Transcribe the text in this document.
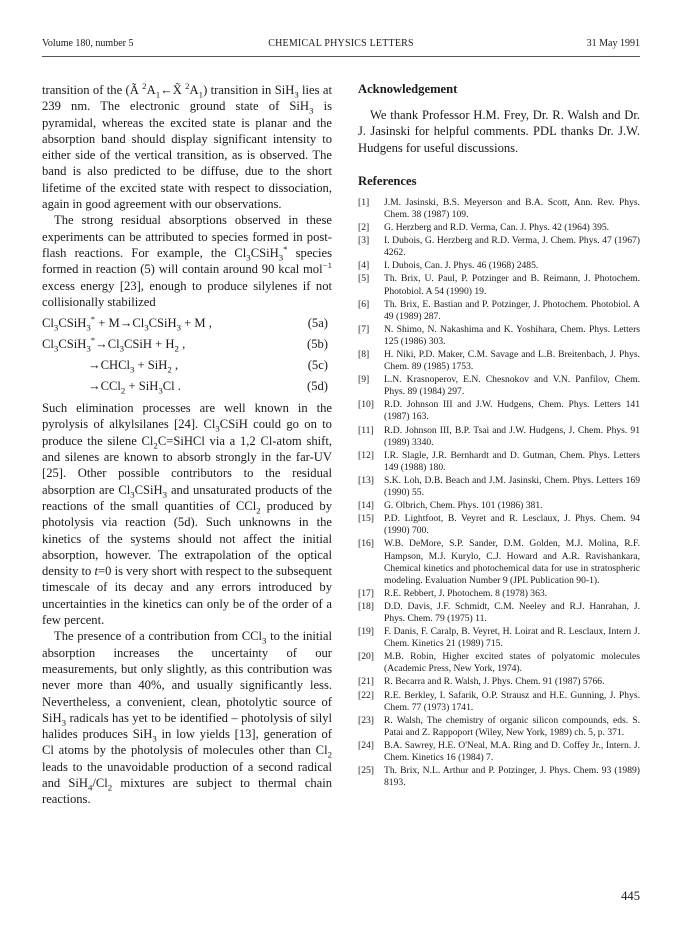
Volume 180, number 5	CHEMICAL PHYSICS LETTERS	31 May 1991

transition of the (Ã $^2A_1\leftarrow X̃$ $^2A_1$) transition in SiH$_3$ lies at 239 nm. The electronic ground state of SiH$_3$ is pyramidal, whereas the excited state is planar and the absorption band should display significant intensity to either side of the vertical transition, as is observed. The band is also predicted to be diffuse, due to the short lifetime of the excited state with respect to dissociation, again in good agreement with our observations.

The strong residual absorptions observed in these experiments can be attributed to species formed in post-flash reactions. For example, the $Cl_3CSiH_3^*$ species formed in reaction (5) will contain around 90 kcal mol$^{-1}$ excess energy [23], enough to produce silylenes if not collisionally stabilized

$Cl_3CSiH_3^*$ + $M\to Cl_3CSiH_3 + M$ ,	(5a)
$Cl_3CSiH_3^*\to Cl_3CSiH + H_2$ ,	(5b)
→CHCl$_3$ + SiH$_2$ ,	(5c)
→CCl$_2$ + SiH$_3$Cl .	(5d)

Such elimination processes are well known in the pyrolysis of alkylsilanes [24]. $Cl_3CSiH$ could go on to produce the silene $Cl_2C=SiHCl$ via a 1,2 Cl-atom shift, and silenes are known to absorb strongly in the far-UV [25]. Other possible contributors to the residual absorption are $Cl_3CSiH_3$ and unsaturated products of the reactions of the small quantities of CCl$_2$ produced by photolysis via reaction (5d). Such unknowns in the kinetics of the systems should not affect the initial absorption, however. The extrapolation of the optical density to t=0 is very short with respect to the subsequent timescale of its decay and any errors introduced by uncertainties in the kinetics can only be of the order of a few percent.

The presence of a contribution from CCl$_3$ to the initial absorption increases the uncertainty of our measurements, but only slightly, as this contribution was never more than 40%, and usually significantly less. Nevertheless, a convenient, clean, photolytic source of SiH$_3$ radicals has yet to be identified – photolysis of silyl halides produces SiH$_3$ in low yields [13], generation of Cl atoms by the photolysis of molecules other than $Cl_2$ leads to the unavoidable production of a second radical and $SiH_4/Cl_2$ mixtures are subject to thermal chain reactions.

Acknowledgement

We thank Professor H.M. Frey, Dr. R. Walsh and Dr. J. Jasinski for helpful comments. PDL thanks Dr. J.W. Hudgens for useful discussions.

References
[1] J.M. Jasinski, B.S. Meyerson and B.A. Scott, Ann. Rev. Phys. Chem. 38 (1987) 109.
[2] G. Herzberg and R.D. Verma, Can. J. Phys. 42 (1964) 395.
[3] I. Dubois, G. Herzberg and R.D. Verma, J. Chem. Phys. 47 (1967) 4262.
[4] I. Dubois, Can. J. Phys. 46 (1968) 2485.
[5] Th. Brix, U. Paul, P. Potzinger and B. Reimann, J. Photochem. Photobiol. A 54 (1990) 19.
[6] Th. Brix, E. Bastian and P. Potzinger, J. Photochem. Photobiol. A 49 (1989) 287.
[7] N. Shimo, N. Nakashima and K. Yoshihara, Chem. Phys. Letters 125 (1986) 303.
[8] H. Niki, P.D. Maker, C.M. Savage and L.B. Breitenbach, J. Phys. Chem. 89 (1985) 1753.
[9] L.N. Krasnoperov, E.N. Chesnokov and V.N. Panfilov, Chem. Phys. 89 (1984) 297.
[10] R.D. Johnson III and J.W. Hudgens, Chem. Phys. Letters 141 (1987) 163.
[11] R.D. Johnson III, B.P. Tsai and J.W. Hudgens, J. Chem. Phys. 91 (1989) 3340.
[12] I.R. Slagle, J.R. Bernhardt and D. Gutman, Chem. Phys. Letters 149 (1988) 180.
[13] S.K. Loh, D.B. Beach and J.M. Jasinski, Chem. Phys. Letters 169 (1990) 55.
[14] G. Olbrich, Chem. Phys. 101 (1986) 381.
[15] P.D. Lightfoot, B. Veyret and R. Lesclaux, J. Phys. Chem. 94 (1990) 700.
[16] W.B. DeMore, S.P. Sander, D.M. Golden, M.J. Molina, R.F. Hampson, M.J. Kurylo, C.J. Howard and A.R. Ravishankara, Chemical kinetics and photochemical data for use in stratospheric modeling. Evaluation Number 9 (JPL Publication 90-1).
[17] R.E. Rebbert, J. Photochem. 8 (1978) 363.
[18] D.D. Davis, J.F. Schmidt, C.M. Neeley and R.J. Hanrahan, J. Phys. Chem. 79 (1975) 11.
[19] F. Danis, F. Caralp, B. Veyret, H. Loirat and R. Lesclaux, Intern J. Chem. Kinetics 21 (1989) 715.
[20] M.B. Robin, Higher excited states of polyatomic molecules (Academic Press, New York, 1974).
[21] R. Becarra and R. Walsh, J. Phys. Chem. 91 (1987) 5766.
[22] R.E. Berkley, I. Safarik, O.P. Strausz and H.E. Gunning, J. Phys. Chem. 77 (1973) 1741.
[23] R. Walsh, The chemistry of organic silicon compounds, eds. S. Patai and Z. Rappoport (Wiley, New York, 1989) ch. 5, p. 371.
[24] B.A. Sawrey, H.E. O'Neal, M.A. Ring and D. Coffey Jr., Intern. J. Chem. Kinetics 16 (1984) 7.
[25] Th. Brix, N.L. Arthur and P. Potzinger, J. Phys. Chem. 93 (1989) 8193.
445
